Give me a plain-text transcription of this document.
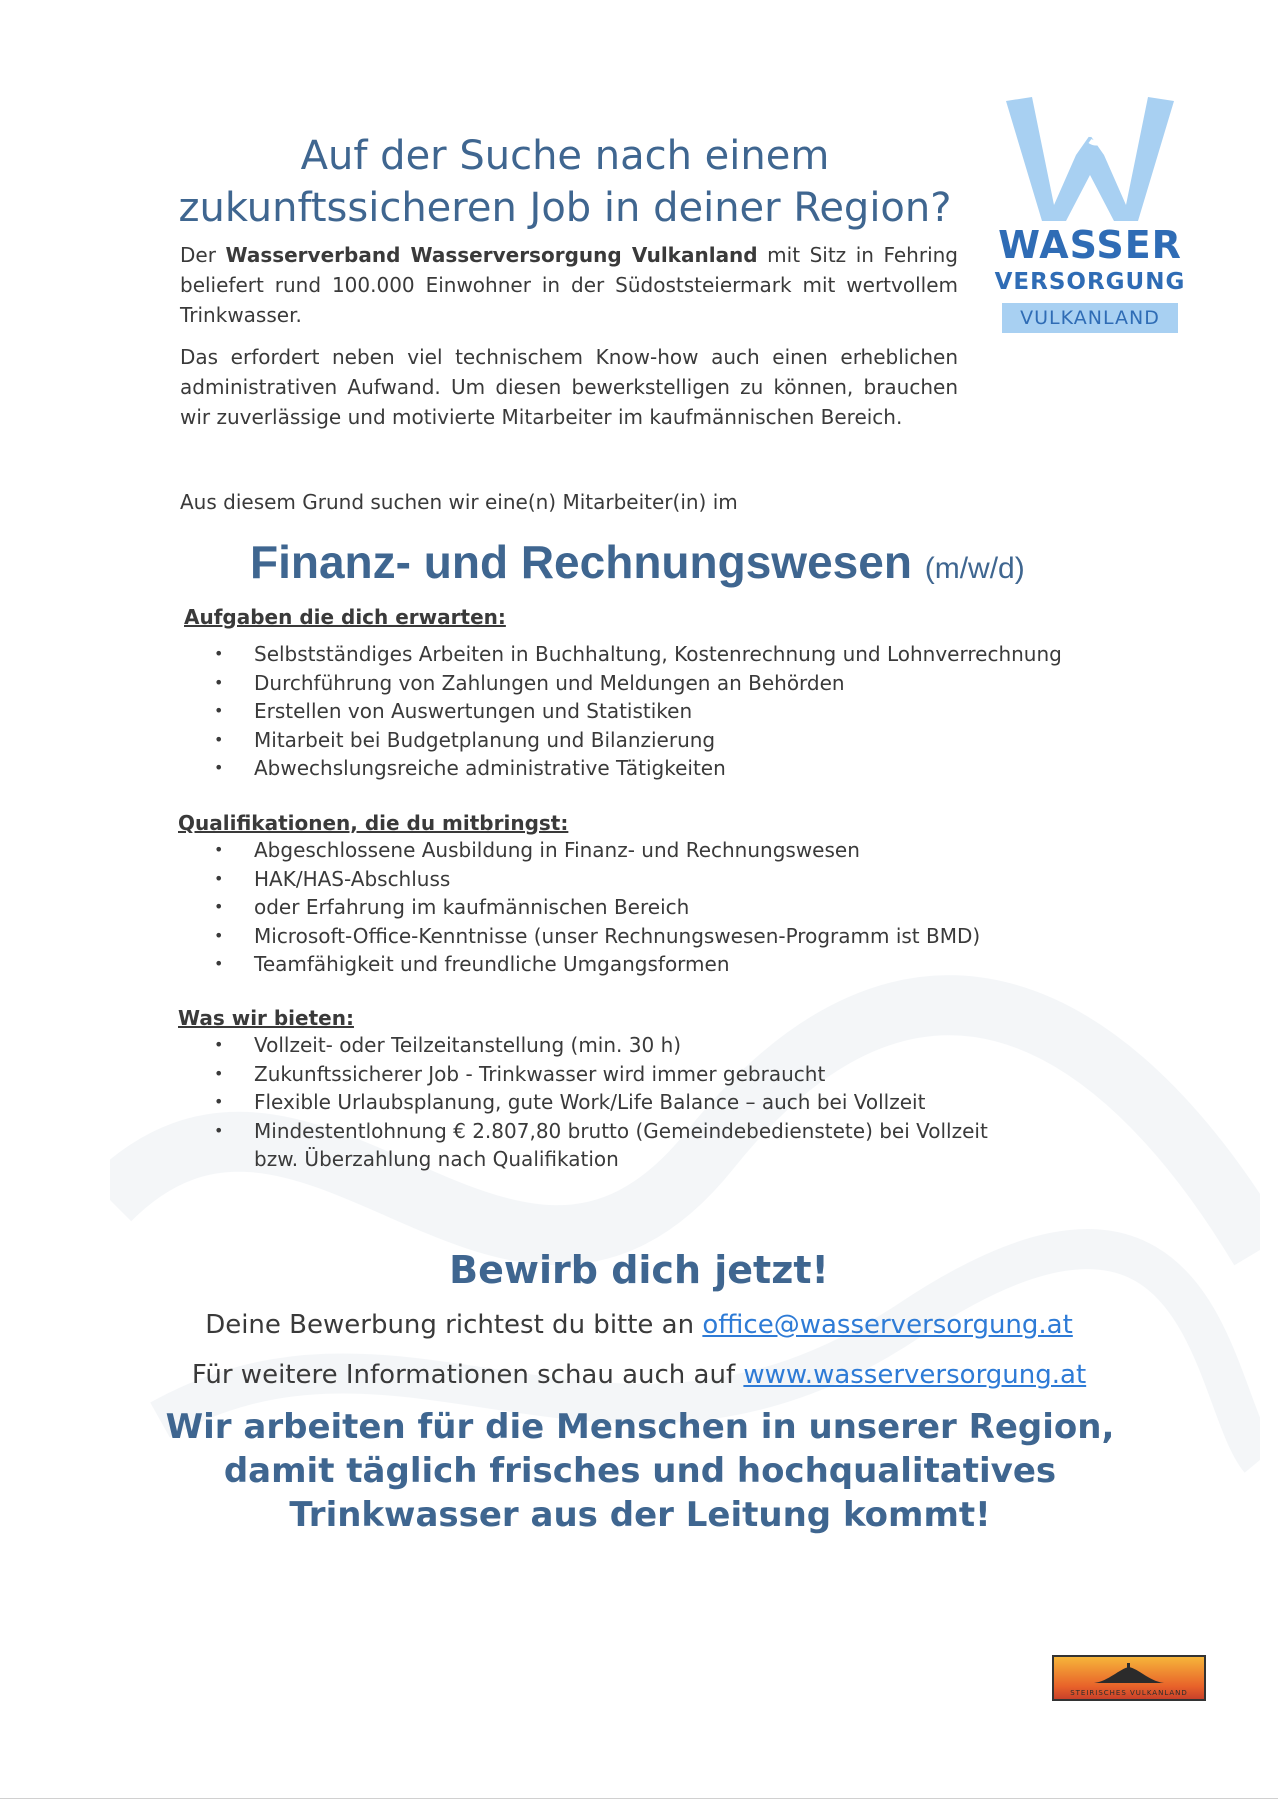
Auf der Suche nach einem
zukunftssicheren Job in deiner Region?
WASSER
VERSORGUNG
VULKANLAND

Der Wasserverband Wasserversorgung Vulkanland mit Sitz in Fehring beliefert rund 100.000 Einwohner in der Südoststeiermark mit wertvollem Trinkwasser.

Das erfordert neben viel technischem Know-how auch einen erheblichen administrativen Aufwand. Um diesen bewerkstelligen zu können, brauchen wir zuverlässige und motivierte Mitarbeiter im kaufmännischen Bereich.

Aus diesem Grund suchen wir eine(n) Mitarbeiter(in) im

Finanz- und Rechnungswesen (m/w/d)

Aufgaben die dich erwarten:

• Selbstständiges Arbeiten in Buchhaltung, Kostenrechnung und Lohnverrechnung
• Durchführung von Zahlungen und Meldungen an Behörden
• Erstellen von Auswertungen und Statistiken
• Mitarbeit bei Budgetplanung und Bilanzierung
• Abwechslungsreiche administrative Tätigkeiten

Qualifikationen, die du mitbringst:

• Abgeschlossene Ausbildung in Finanz- und Rechnungswesen
• HAK/HAS-Abschluss
• oder Erfahrung im kaufmännischen Bereich
• Microsoft-Office-Kenntnisse (unser Rechnungswesen-Programm ist BMD)
• Teamfähigkeit und freundliche Umgangsformen

Was wir bieten:

• Vollzeit- oder Teilzeitanstellung (min. 30 h)
• Zukunftssicherer Job - Trinkwasser wird immer gebraucht
• Flexible Urlaubsplanung, gute Work/Life Balance – auch bei Vollzeit
• Mindestentlohnung € 2.807,80 brutto (Gemeindebedienstete) bei Vollzeit bzw. Überzahlung nach Qualifikation

Bewirb dich jetzt!

Deine Bewerbung richtest du bitte an office@wasserversorgung.at

Für weitere Informationen schau auch auf www.wasserversorgung.at

Wir arbeiten für die Menschen in unserer Region,
damit täglich frisches und hochqualitatives
Trinkwasser aus der Leitung kommt!

STEIRISCHES VULKANLAND
